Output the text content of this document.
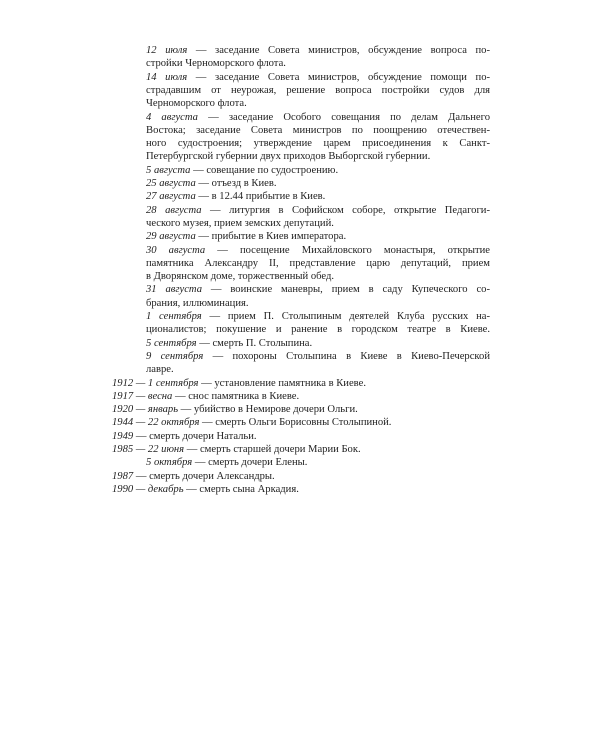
12 июля — заседание Совета министров, обсуждение вопроса по-
стройки Черноморского флота.
14 июля — заседание Совета министров, обсуждение помощи по-
страдавшим от неурожая, решение вопроса постройки судов для
Черноморского флота.
4 августа — заседание Особого совещания по делам Дальнего
Востока; заседание Совета министров по поощрению отечествен-
ного судостроения; утверждение царем присоединения к Санкт-
Петербургской губернии двух приходов Выборгской губернии.
5 августа — совещание по судостроению.
25 августа — отъезд в Киев.
27 августа — в 12.44 прибытие в Киев.
28 августа — литургия в Софийском соборе, открытие Педагоги-
ческого музея, прием земских депутаций.
29 августа — прибытие в Киев императора.
30 августа — посещение Михайловского монастыря, открытие
памятника Александру II, представление царю депутаций, прием
в Дворянском доме, торжественный обед.
31 августа — воинские маневры, прием в саду Купеческого со-
брания, иллюминация.
1 сентября — прием П. Столыпиным деятелей Клуба русских на-
ционалистов; покушение и ранение в городском театре в Киеве.
5 сентября — смерть П. Столыпина.
9 сентября — похороны Столыпина в Киеве в Киево-Печерской
лавре.
1912 — 1 сентября — установление памятника в Киеве.
1917 — весна — снос памятника в Киеве.
1920 — январь — убийство в Немирове дочери Ольги.
1944 — 22 октября — смерть Ольги Борисовны Столыпиной.
1949 — смерть дочери Натальи.
1985 — 22 июня — смерть старшей дочери Марии Бок.
5 октября — смерть дочери Елены.
1987 — смерть дочери Александры.
1990 — декабрь — смерть сына Аркадия.
